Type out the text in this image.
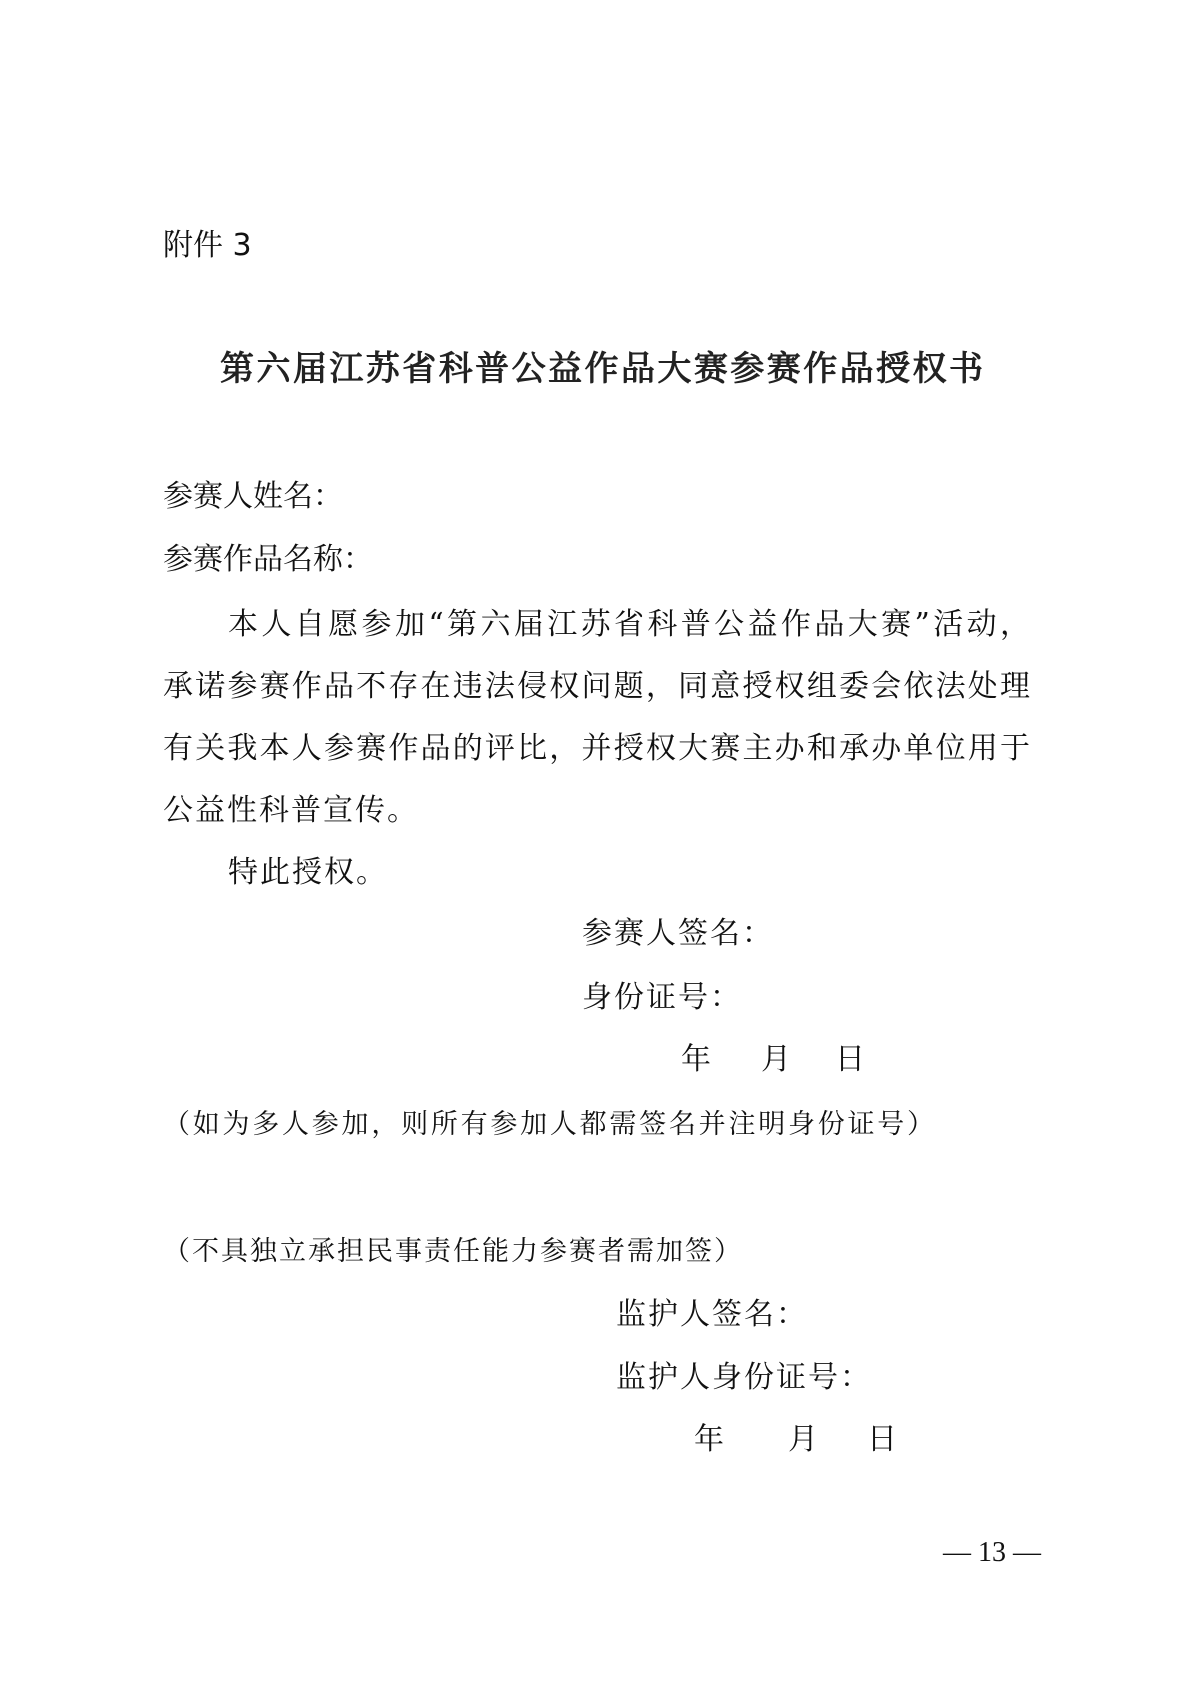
附件 3
第六届江苏省科普公益作品大赛参赛作品授权书
参赛人姓名：
参赛作品名称：
本人自愿参加“第六届江苏省科普公益作品大赛”活动，
承诺参赛作品不存在违法侵权问题，同意授权组委会依法处理
有关我本人参赛作品的评比，并授权大赛主办和承办单位用于
公益性科普宣传。
特此授权。
参赛人签名：
身份证号：
年 月 日
（如为多人参加，则所有参加人都需签名并注明身份证号）
（不具独立承担民事责任能力参赛者需加签）
监护人签名：
监护人身份证号：
年 月 日
— 13 —
